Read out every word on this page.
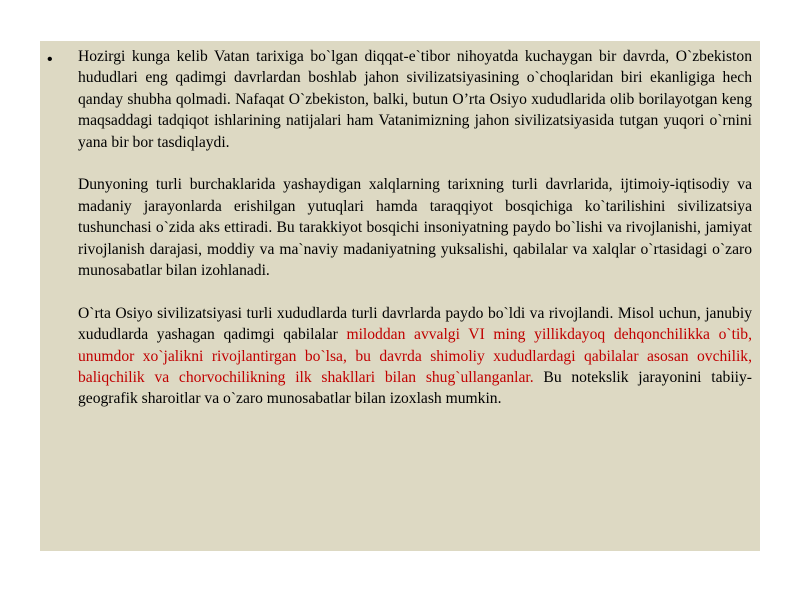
• Hozirgi kunga kelib Vatan tarixiga bo`lgan diqqat-e`tibor nihoyatda kuchaygan bir davrda, O`zbekiston hududlari eng qadimgi davrlardan boshlab jahon sivilizatsiyasining o`choqlaridan biri ekanligiga hech qanday shubha qolmadi. Nafaqat O`zbekiston, balki, butun O’rta Osiyo xududlarida olib borilayotgan keng maqsaddagi tadqiqot ishlarining natijalari ham Vatanimizning jahon sivilizatsiyasida tutgan yuqori o`rnini yana bir bor tasdiqlaydi.

Dunyoning turli burchaklarida yashaydigan xalqlarning tarixning turli davrlarida, ijtimoiy-iqtisodiy va madaniy jarayonlarda erishilgan yutuqlari hamda taraqqiyot bosqichiga ko`tarilishini sivilizatsiya tushunchasi o`zida aks ettiradi. Bu tarakkiyot bosqichi insoniyatning paydo bo`lishi va rivojlanishi, jamiyat rivojlanish darajasi, moddiy va ma`naviy madaniyatning yuksalishi, qabilalar va xalqlar o`rtasidagi o`zaro munosabatlar bilan izohlanadi.

O`rta Osiyo sivilizatsiyasi turli xududlarda turli davrlarda paydo bo`ldi va rivojlandi. Misol uchun, janubiy xududlarda yashagan qadimgi qabilalar miloddan avvalgi VI ming yillikdayoq dehqonchilikka o`tib, unumdor xo`jalikni rivojlantirgan bo`lsa, bu davrda shimoliy xududlardagi qabilalar asosan ovchilik, baliqchilik va chorvochilikning ilk shakllari bilan shug`ullanganlar. Bu notekslik jarayonini tabiiy-geografik sharoitlar va o`zaro munosabatlar bilan izoxlash mumkin.
